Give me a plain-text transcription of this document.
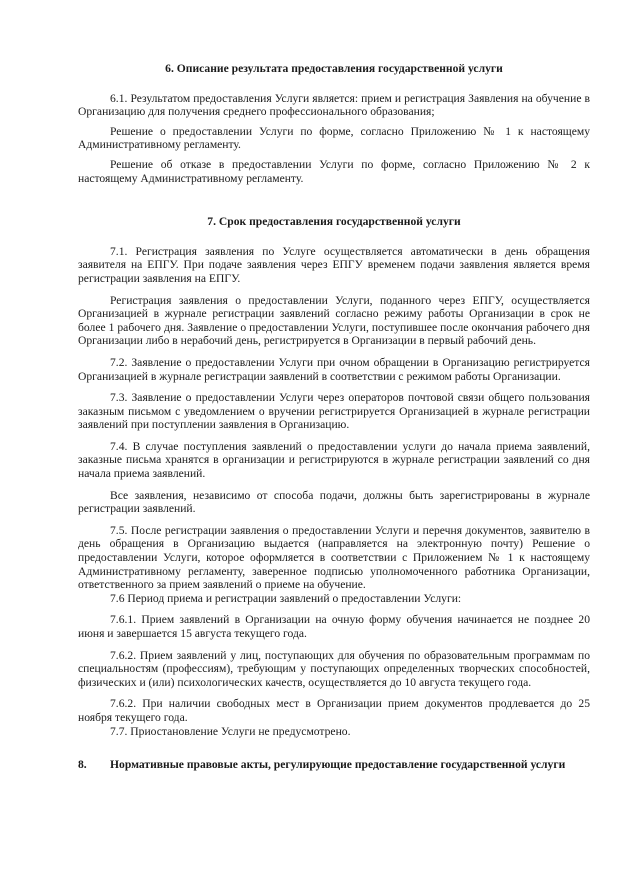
6. Описание результата предоставления государственной услуги

6.1. Результатом предоставления Услуги является: прием и регистрация Заявления на обучение в Организацию для получения среднего профессионального образования;

Решение о предоставлении Услуги по форме, согласно Приложению № 1 к настоящему Административному регламенту.

Решение об отказе в предоставлении Услуги по форме, согласно Приложению № 2 к настоящему Административному регламенту.

7. Срок предоставления государственной услуги

7.1. Регистрация заявления по Услуге осуществляется автоматически в день обращения заявителя на ЕПГУ. При подаче заявления через ЕПГУ временем подачи заявления является время регистрации заявления на ЕПГУ.

Регистрация заявления о предоставлении Услуги, поданного через ЕПГУ, осуществляется Организацией в журнале регистрации заявлений согласно режиму работы Организации в срок не более 1 рабочего дня. Заявление о предоставлении Услуги, поступившее после окончания рабочего дня Организации либо в нерабочий день, регистрируется в Организации в первый рабочий день.

7.2. Заявление о предоставлении Услуги при очном обращении в Организацию регистрируется Организацией в журнале регистрации заявлений в соответствии с режимом работы Организации.

7.3. Заявление о предоставлении Услуги через операторов почтовой связи общего пользования заказным письмом с уведомлением о вручении регистрируется Организацией в журнале регистрации заявлений при поступлении заявления в Организацию.

7.4. В случае поступления заявлений о предоставлении услуги до начала приема заявлений, заказные письма хранятся в организации и регистрируются в журнале регистрации заявлений со дня начала приема заявлений.

Все заявления, независимо от способа подачи, должны быть зарегистрированы в журнале регистрации заявлений.

7.5. После регистрации заявления о предоставлении Услуги и перечня документов, заявителю в день обращения в Организацию выдается (направляется на электронную почту) Решение о предоставлении Услуги, которое оформляется в соответствии с Приложением № 1 к настоящему Административному регламенту, заверенное подписью уполномоченного работника Организации, ответственного за прием заявлений о приеме на обучение.

7.6 Период приема и регистрации заявлений о предоставлении Услуги:

7.6.1. Прием заявлений в Организации на очную форму обучения начинается не позднее 20 июня и завершается 15 августа текущего года.

7.6.2. Прием заявлений у лиц, поступающих для обучения по образовательным программам по специальностям (профессиям), требующим у поступающих определенных творческих способностей, физических и (или) психологических качеств, осуществляется до 10 августа текущего года.

7.6.2. При наличии свободных мест в Организации прием документов продлевается до 25 ноября текущего года.

7.7. Приостановление Услуги не предусмотрено.

8. Нормативные правовые акты, регулирующие предоставление государственной услуги
